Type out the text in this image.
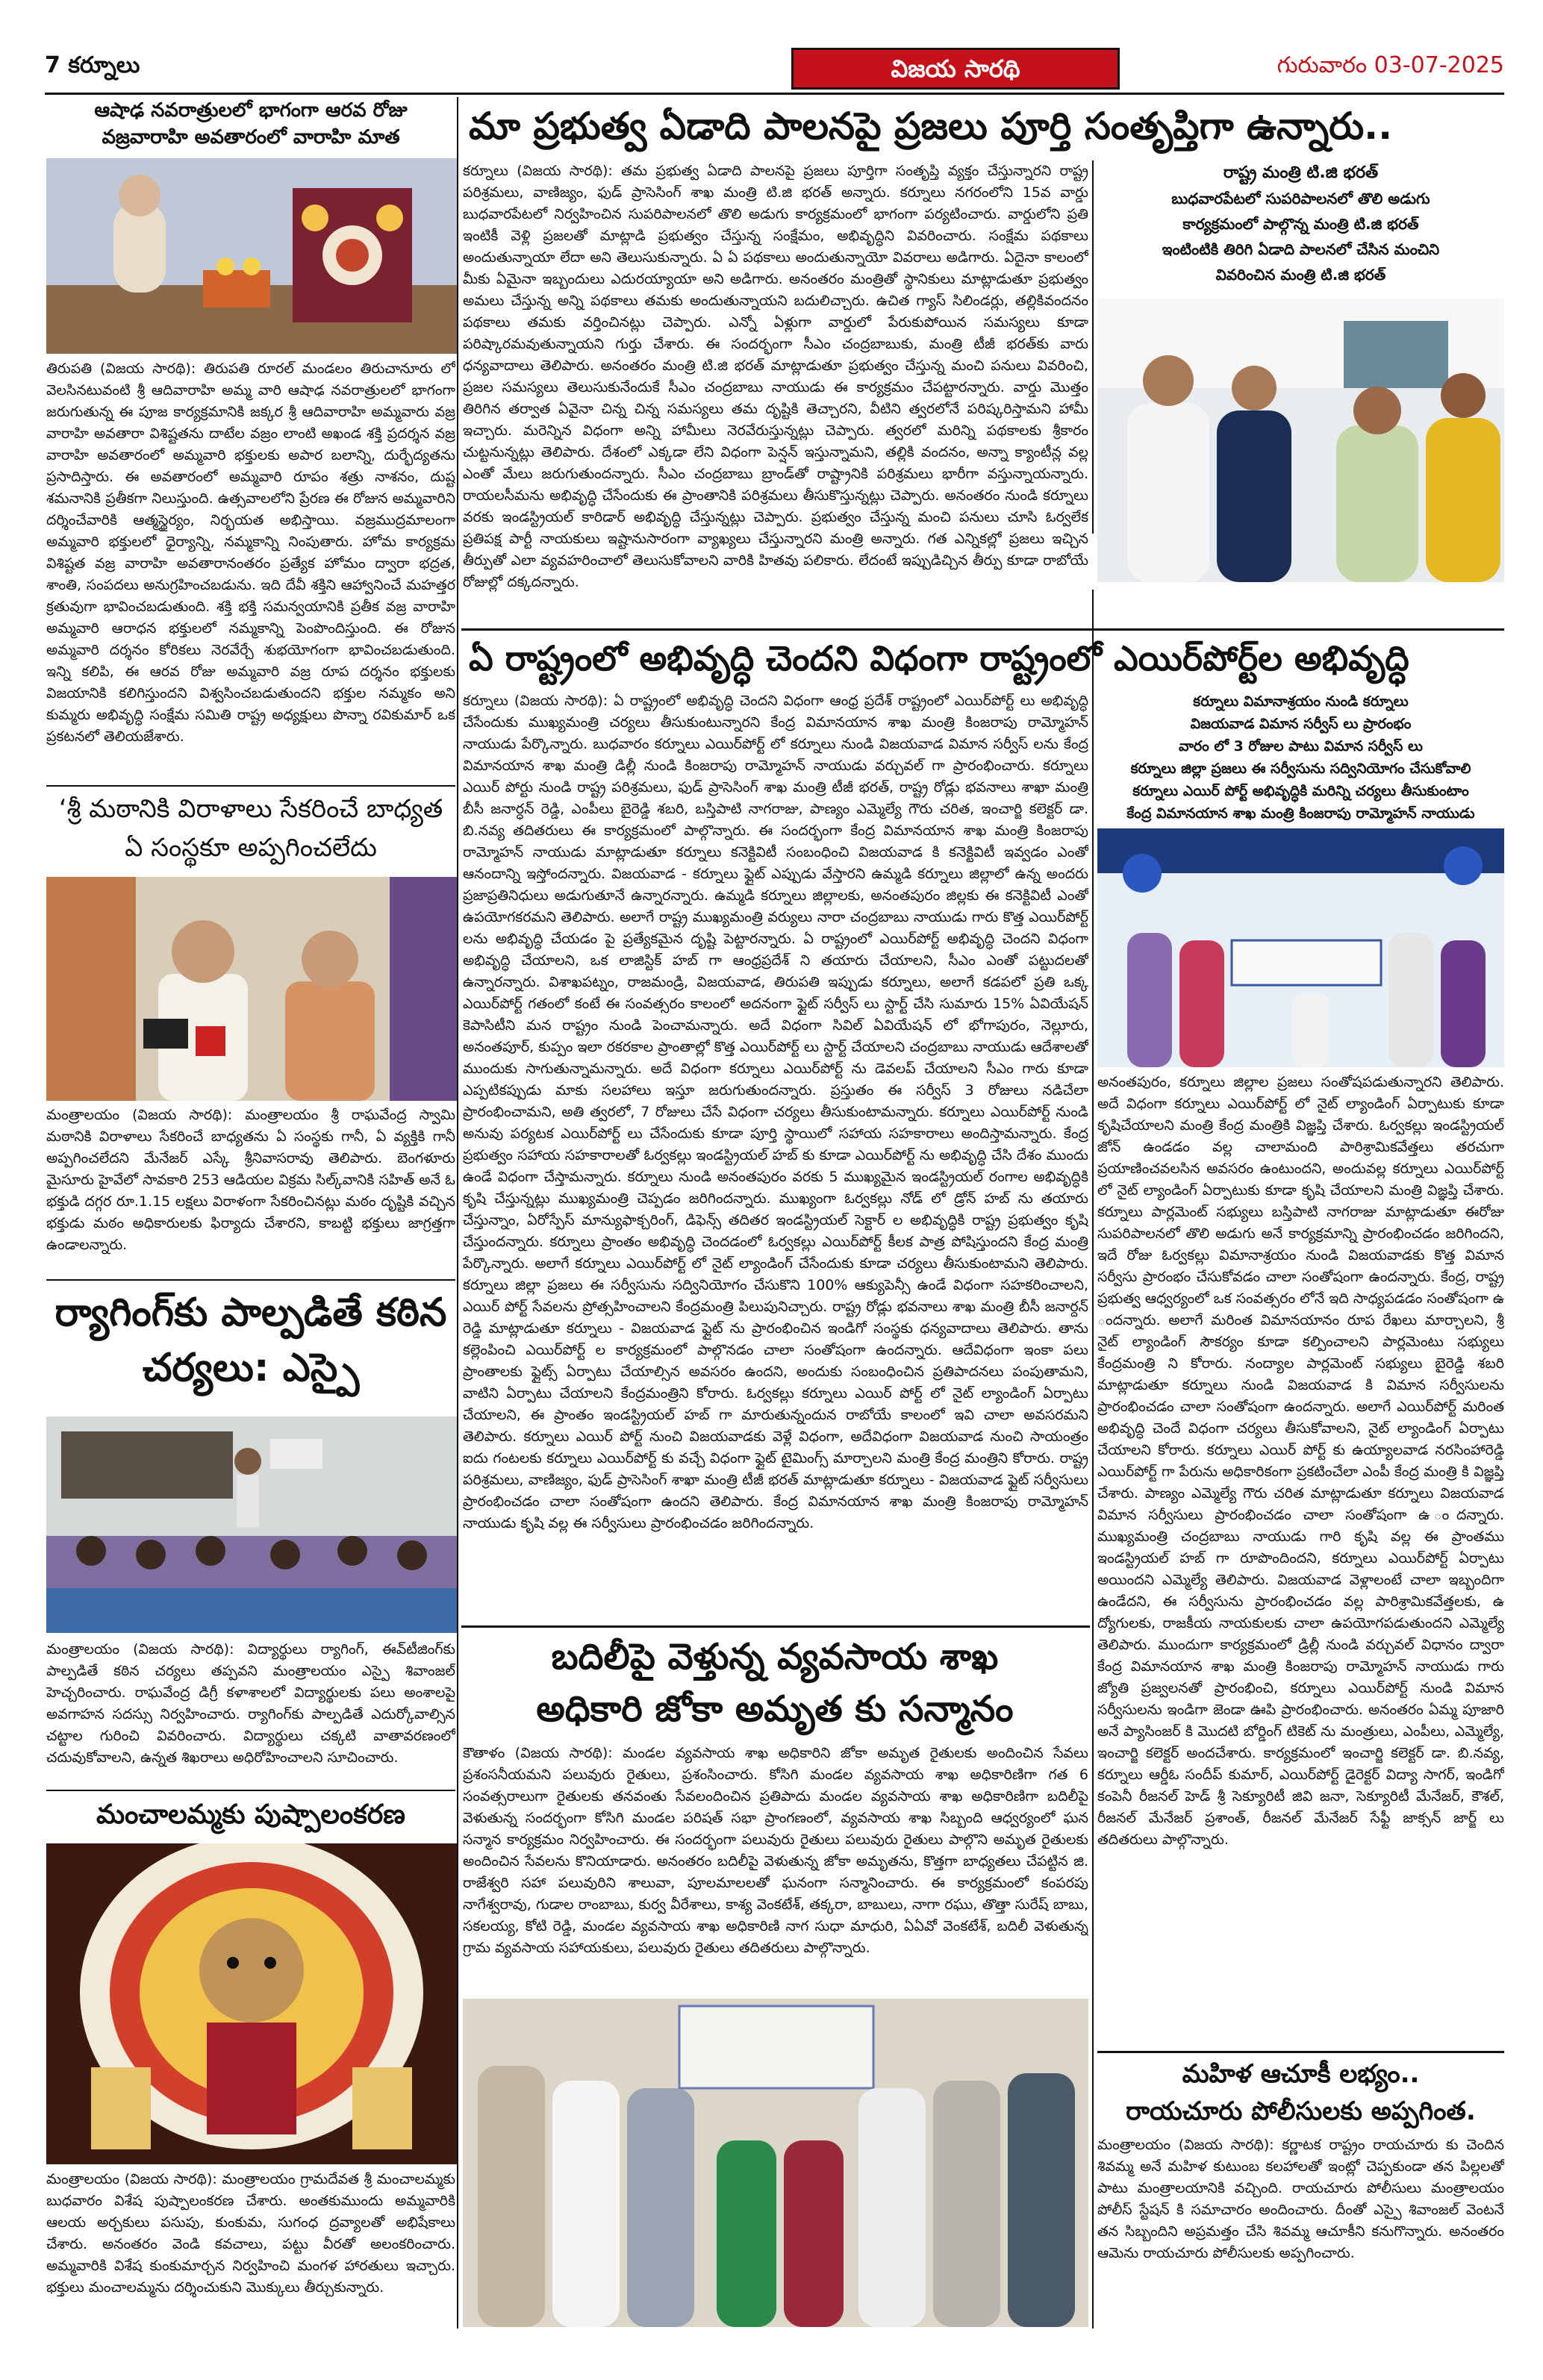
7 కర్నూలు	విజయ సారథి	గురువారం 03-07-2025
ఆషాఢ నవరాత్రులలో భాగంగా ఆరవ రోజు
వజ్రవారాహి అవతారంలో వారాహి మాత
తిరుపతి (విజయ సారథి): తిరుపతి రూరల్ మండలం తిరుచానూరు లో వెలసినటువంటి శ్రీ ఆదివారాహి అమ్మ వారి ఆషాఢ నవరాత్రులలో భాగంగా జరుగుతున్న ఈ పూజ కార్యక్రమానికి జక్కర శ్రీ ఆదివారాహి అమ్మవారు వజ్ర వారాహి అవతారా విశిష్టతను దాటేల వజ్రం లాంటి అఖండ శక్తి ప్రదర్శన వజ్ర వారాహి అవతారంలో అమ్మవారి భక్తులకు అపార బలాన్ని, దుర్భేద్యతను ప్రసాదిస్తారు. ఈ అవతారంలో అమ్మవారి రూపం శత్రు నాశనం, దుష్ట శమనానికి ప్రతీకగా నిలుస్తుంది. ఉత్సవాలలోని ప్రేరణ ఈ రోజున అమ్మవారిని దర్శించేవారికి ఆత్మస్థైర్యం, నిర్భయత అభిస్తాయి. వజ్రముద్రమాలంగా అమ్మవారి భక్తులలో ధైర్యాన్ని, నమ్మకాన్ని నింపుతారు. హోమ కార్యక్రమ విశిష్టత వజ్ర వారాహి అవతారానంతరం ప్రత్యేక హోమం ద్వారా భద్రత, శాంతి, సంపదలు అనుగ్రహించబడును. ఇది దేవీ శక్తిని ఆహ్వానించే మహత్తర క్రతువుగా భావించబడుతుంది. శక్తి భక్తి సమన్వయానికి ప్రతీక వజ్ర వారాహి అమ్మవారి ఆరాధన భక్తులలో నమ్మకాన్ని పెంపొందిస్తుంది. ఈ రోజున అమ్మవారి దర్శనం కోరికలు నెరవేర్చే శుభయోగంగా భావించబడుతుంది. ఇన్ని కలిపి, ఈ ఆరవ రోజు అమ్మవారి వజ్ర రూప దర్శనం భక్తులకు విజయానికి కలిగిస్తుందని విశ్వసించబడుతుందని భక్తుల నమ్మకం అని కుమ్మరు అభివృద్ధి సంక్షేమ సమితి రాష్ట్ర అధ్యక్షులు పొన్నా రవికుమార్ ఒక ప్రకటనలో తెలియజేశారు.
‘శ్రీ మఠానికి విరాళాలు సేకరించే బాధ్యత ఏ సంస్థకూ అప్పగించలేదు
మంత్రాలయం (విజయ సారథి): మంత్రాలయం శ్రీ రాఘవేంద్ర స్వామి మఠానికి విరాళాలు సేకరించే బాధ్యతను ఏ సంస్థకు గానీ, ఏ వ్యక్తికి గానీ అప్పగించలేదని మేనేజర్ ఎస్కే శ్రీనివాసరావు తెలిపారు. బెంగళూరు మైసూరు హైవేలో సావకారి 253 ఆడియల విక్రమ సిల్క్‌వానికి సహిత్ అనే ఓ భక్తుడి దగ్గర రూ.1.15 లక్షలు విరాళంగా సేకరించినట్లు మఠం దృష్టికి వచ్చిన భక్తుడు మఠం అధికారులకు ఫిర్యాదు చేశారని, కాబట్టి భక్తులు జాగ్రత్తగా ఉండాలన్నారు.
ర్యాగింగ్‌కు పాల్పడితే కఠిన చర్యలు: ఎస్పై
మంత్రాలయం (విజయ సారథి): విద్యార్థులు ర్యాగింగ్, ఈవ్‌టీజింగ్‌కు పాల్పడితే కఠిన చర్యలు తప్పవని మంత్రాలయం ఎస్పై శివాంజల్ హెచ్చరించారు. రాఘవేంద్ర డిగ్రీ కళాశాలలో విద్యార్థులకు పలు అంశాలపై అవగాహన సదస్సు నిర్వహించారు. ర్యాగింగ్‌కు పాల్పడితే ఎదుర్కోవాల్సిన చట్టాల గురించి వివరించారు. విద్యార్థులు చక్కటి వాతావరణంలో చదువుకోవాలని, ఉన్నత శిఖరాలు అధిరోహించాలని సూచించారు.
మంచాలమ్మకు పుష్పాలంకరణ
మంత్రాలయం (విజయ సారథి): మంత్రాలయం గ్రామదేవత శ్రీ మంచాలమ్మకు బుధవారం విశేష పుష్పాలంకరణ చేశారు. అంతకుముందు అమ్మవారికి ఆలయ అర్చకులు పసుపు, కుంకుమ, సుగంధ ద్రవ్యాలతో అభిషేకాలు చేశారు. అనంతరం వెండి కవచాలు, పట్టు వీరతో అలంకరించారు. అమ్మవారికి విశేష కుంకుమార్చన నిర్వహించి మంగళ హారతులు ఇచ్చారు. భక్తులు మంచాలమ్మను దర్శించుకుని మొక్కులు తీర్చుకున్నారు.
మా ప్రభుత్వ ఏడాది పాలనపై ప్రజలు పూర్తి సంతృప్తిగా ఉన్నారు..
కర్నూలు (విజయ సారథి): తమ ప్రభుత్వ ఏడాది పాలనపై ప్రజలు పూర్తిగా సంతృప్తి వ్యక్తం చేస్తున్నారని రాష్ట్ర పరిశ్రమలు, వాణిజ్యం, ఫుడ్ ప్రాసెసింగ్ శాఖ మంత్రి టి.జి భరత్ అన్నారు. కర్నూలు నగరంలోని 15వ వార్డు బుధవారపేటలో నిర్వహించిన సుపరిపాలనలో తొలి అడుగు కార్యక్రమంలో భాగంగా పర్యటించారు. వార్డులోని ప్రతి ఇంటికీ వెళ్లి ప్రజలతో మాట్లాడి ప్రభుత్వం చేస్తున్న సంక్షేమం, అభివృద్ధిని వివరించారు. సంక్షేమ పథకాలు అందుతున్నాయా లేదా అని తెలుసుకున్నారు. ఏ ఏ పథకాలు అందుతున్నాయో వివరాలు అడిగారు. ఏదైనా కాలంలో మీకు ఏమైనా ఇబ్బందులు ఎదురయ్యాయా అని అడిగారు. అనంతరం మంత్రితో స్థానికులు మాట్లాడుతూ ప్రభుత్వం అమలు చేస్తున్న అన్ని పథకాలు తమకు అందుతున్నాయని బదులిచ్చారు. ఉచిత గ్యాస్ సిలిండర్లు, తల్లికివందనం పథకాలు తమకు వర్తించినట్లు చెప్పారు. ఎన్నో ఏళ్లుగా వార్డులో పేరుకుపోయిన సమస్యలు కూడా పరిష్కారమవుతున్నాయని గుర్తు చేశారు. ఈ సందర్భంగా సీఎం చంద్రబాబుకు, మంత్రి టీజీ భరత్‌కు వారు ధన్యవాదాలు తెలిపారు. అనంతరం మంత్రి టి.జి భరత్ మాట్లాడుతూ ప్రభుత్వం చేస్తున్న మంచి పనులు వివరించి, ప్రజల సమస్యలు తెలుసుకునేందుకే సీఎం చంద్రబాబు నాయుడు ఈ కార్యక్రమం చేపట్టారన్నారు. వార్డు మొత్తం తిరిగిన తర్వాత ఏవైనా చిన్న చిన్న సమస్యలు తమ దృష్టికి తెచ్చారని, వీటిని త్వరలోనే పరిష్కరిస్తామని హామీ ఇచ్చారు. మరెన్నిన విధంగా అన్ని హామీలు నెరవేరుస్తున్నట్లు చెప్పారు. త్వరలో మరిన్ని పథకాలకు శ్రీకారం చుట్టనున్నట్లు తెలిపారు. దేశంలో ఎక్కడా లేని విధంగా పెన్షన్ ఇస్తున్నామని, తల్లికి వందనం, అన్నా క్యాంటీన్ల వల్ల ఎంతో మేలు జరుగుతుందన్నారు. సీఎం చంద్రబాబు బ్రాండ్‌తో రాష్ట్రానికి పరిశ్రమలు భారీగా వస్తున్నాయన్నారు. రాయలసీమను అభివృద్ధి చేసేందుకు ఈ ప్రాంతానికి పరిశ్రమలు తీసుకొస్తున్నట్లు చెప్పారు. అనంతరం నుండి కర్నూలు వరకు ఇండస్ట్రియల్ కారిడార్ అభివృద్ధి చేస్తున్నట్లు చెప్పారు. ప్రభుత్వం చేస్తున్న మంచి పనులు చూసి ఓర్వలేక ప్రతిపక్ష పార్టీ నాయకులు ఇష్టానుసారంగా వ్యాఖ్యలు చేస్తున్నారని మంత్రి అన్నారు. గత ఎన్నికల్లో ప్రజలు ఇచ్చిన తీర్పుతో ఎలా వ్యవహరించాలో తెలుసుకోవాలని వారికి హితవు పలికారు. లేదంటే ఇప్పుడిచ్చిన తీర్పు కూడా రాబోయే రోజుల్లో దక్కదన్నారు.
రాష్ట్ర మంత్రి టి.జి భరత్
బుధవారపేటలో సుపరిపాలనలో తొలి అడుగు
కార్యక్రమంలో పాల్గొన్న మంత్రి టి.జి భరత్
ఇంటింటికి తిరిగి ఏడాది పాలనలో చేసిన మంచిని
వివరించిన మంత్రి టి.జి భరత్
ఏ రాష్ట్రంలో అభివృద్ధి చెందని విధంగా రాష్ట్రంలో ఎయిర్‌పోర్ట్‌ల అభివృద్ధి
కర్నూలు (విజయ సారథి): ఏ రాష్ట్రంలో అభివృద్ధి చెందని విధంగా ఆంధ్ర ప్రదేశ్ రాష్ట్రంలో ఎయిర్‌పోర్ట్ లు అభివృద్ధి చేసేందుకు ముఖ్యమంత్రి చర్యలు తీసుకుంటున్నారని కేంద్ర విమానయాన శాఖ మంత్రి కింజరాపు రామ్మోహన్ నాయుడు పేర్కొన్నారు. బుధవారం కర్నూలు ఎయిర్‌పోర్ట్ లో కర్నూలు నుండి విజయవాడ విమాన సర్వీస్ లను కేంద్ర విమానయాన శాఖ మంత్రి డిల్లీ నుండి కింజరాపు రామ్మోహన్ నాయుడు వర్చువల్ గా ప్రారంభించారు. కర్నూలు ఎయిర్ పోర్టు నుండి రాష్ట్ర పరిశ్రమలు, ఫుడ్ ప్రాసెసింగ్ శాఖ మంత్రి టీజీ భరత్, రాష్ట్ర రోడ్లు భవనాలు శాఖా మంత్రి బీసీ జనార్ధన్ రెడ్డి, ఎంపీలు బైరెడ్డి శబరి, బస్తిపాటి నాగరాజు, పాణ్యం ఎమ్మెల్యే గౌరు చరిత, ఇంచార్జి కలెక్టర్ డా. బి.నవ్య తదితరులు ఈ కార్యక్రమంలో పాల్గొన్నారు. ఈ సందర్భంగా కేంద్ర విమానయాన శాఖ మంత్రి కింజరాపు రామ్మోహన్ నాయుడు మాట్లాడుతూ కర్నూలు కనెక్టివిటీ సంబంధించి విజయవాడ కి కనెక్టివిటీ ఇవ్వడం ఎంతో ఆనందాన్ని ఇస్తోందన్నారు. విజయవాడ - కర్నూలు ఫ్లైట్ ఎప్పుడు వేస్తారని ఉమ్మడి కర్నూలు జిల్లాలో ఉన్న అందరు ప్రజాప్రతినిధులు అడుగుతూనే ఉన్నారన్నారు. ఉమ్మడి కర్నూలు జిల్లాలకు, అనంతపురం జిల్లకు ఈ కనెక్టివిటీ ఎంతో ఉపయోగకరమని తెలిపారు. అలాగే రాష్ట్ర ముఖ్యమంత్రి వర్యులు నారా చంద్రబాబు నాయుడు గారు కొత్త ఎయిర్‌పోర్ట్ లను అభివృద్ధి చేయడం పై ప్రత్యేకమైన దృష్టి పెట్టారన్నారు. ఏ రాష్ట్రంలో ఎయిర్‌పోర్ట్ అభివృద్ధి చెందని విధంగా అభివృద్ధి చేయాలని, ఒక లాజిస్టిక్ హబ్ గా ఆంధ్రప్రదేశ్ ని తయారు చేయాలని, సీఎం ఎంతో పట్టుదలతో ఉన్నారన్నారు. విశాఖపట్నం, రాజమండ్రి, విజయవాడ, తిరుపతి ఇప్పుడు కర్నూలు, అలాగే కడపలో ప్రతి ఒక్క ఎయిర్‌పోర్ట్ గతంలో కంటే ఈ సంవత్సరం కాలంలో అదనంగా ఫ్లైట్ సర్వీస్ లు స్టార్ట్ చేసి సుమారు 15% ఏవియేషన్ కెపాసిటీని మన రాష్ట్రం నుండి పెంచామన్నారు. అదే విధంగా సివిల్ ఏవియేషన్ లో భోగాపురం, నెల్లూరు, అనంతపూర్, కుప్పం ఇలా రకరకాల ప్రాంతాల్లో కొత్త ఎయిర్‌పోర్ట్ లు స్టార్ట్ చేయాలని చంద్రబాబు నాయుడు ఆదేశాలతో ముందుకు సాగుతున్నామన్నారు. అదే విధంగా కర్నూలు ఎయిర్‌పోర్ట్ ను డెవలప్ చేయాలని సీఎం గారు కూడా ఎప్పటికప్పుడు మాకు సలహాలు ఇస్తూ జరుగుతుందన్నారు. ప్రస్తుతం ఈ సర్వీస్ 3 రోజులు నడిచేలా ప్రారంభించామని, అతి త్వరలో, 7 రోజులు చేసే విధంగా చర్యలు తీసుకుంటామన్నారు. కర్నూలు ఎయిర్‌పోర్ట్ నుండి అనువు పర్యటక ఎయిర్‌పోర్ట్ లు చేసేందుకు కూడా పూర్తి స్థాయిలో సహాయ సహకారాలు అందిస్తామన్నారు. కేంద్ర ప్రభుత్వం సహాయ సహకారాలతో ఓర్వకల్లు ఇండస్ట్రియల్ హబ్ కు కూడా ఎయిర్‌పోర్ట్ ను అభివృద్ధి చేసి దేశం ముందు ఉండే విధంగా చేస్తామన్నారు. కర్నూలు నుండి అనంతపురం వరకు 5 ముఖ్యమైన ఇండస్ట్రియల్ రంగాల అభివృద్ధికి కృషి చేస్తున్నట్లు ముఖ్యమంత్రి చెప్పడం జరిగిందన్నారు. ముఖ్యంగా ఓర్వకల్లు నోడ్ లో డ్రోన్ హబ్ ను తయారు చేస్తున్నాం, ఏరోస్పేస్ మాన్యుఫాక్చరింగ్, డిఫెన్స్ తదితర ఇండస్ట్రియల్ సెక్టార్ ల అభివృద్ధికి రాష్ట్ర ప్రభుత్వం కృషి చేస్తుందన్నారు. కర్నూలు ప్రాంతం అభివృద్ధి చెందడంలో ఓర్వకల్లు ఎయిర్‌పోర్ట్ కీలక పాత్ర పోషిస్తుందని కేంద్ర మంత్రి పేర్కొన్నారు. అలాగే కర్నూలు ఎయిర్‌పోర్ట్ లో నైట్ ల్యాండింగ్ చేసేందుకు కూడా చర్యలు తీసుకుంటామని తెలిపారు. కర్నూలు జిల్లా ప్రజలు ఈ సర్వీసును సద్వినియోగం చేసుకొని 100% ఆక్యుపెన్సీ ఉండే విధంగా సహకరించాలని, ఎయిర్ పోర్ట్ సేవలను ప్రోత్సహించాలని కేంద్రమంత్రి పిలుపునిచ్చారు. రాష్ట్ర రోడ్లు భవనాలు శాఖ మంత్రి బీసీ జనార్దన్ రెడ్డి మాట్లాడుతూ కర్నూలు - విజయవాడ ఫ్లైట్ ను ప్రారంభించిన ఇండిగో సంస్థకు ధన్యవాదాలు తెలిపారు. తాను కల్లెంపించి ఎయిర్‌పోర్ట్ ల కార్యక్రమంలో పాల్గొనడం చాలా సంతోషంగా ఉందన్నారు. ఆదేవిధంగా ఇంకా పలు ప్రాంతాలకు ఫ్లైట్స్ ఏర్పాటు చేయాల్సిన అవసరం ఉందని, అందుకు సంబంధించిన ప్రతిపాదనలు పంపుతామని, వాటిని ఏర్పాటు చేయాలని కేంద్రమంత్రిని కోరారు. ఓర్వకల్లు కర్నూలు ఎయిర్ పోర్ట్ లో నైట్ ల్యాండింగ్ ఏర్పాటు చేయాలని, ఈ ప్రాంతం ఇండస్ట్రియల్ హబ్ గా మారుతున్నందున రాబోయే కాలంలో ఇవి చాలా అవసరమని తెలిపారు. కర్నూలు ఎయిర్ పోర్ట్ నుంచి విజయవాడకు వెళ్లే విధంగా, అదేవిధంగా విజయవాడ నుంచి సాయంత్రం ఐదు గంటలకు కర్నూలు ఎయిర్‌పోర్ట్ కు వచ్చే విధంగా ఫ్లైట్ టైమింగ్స్ మార్చాలని మంత్రి కేంద్ర మంత్రిని కోరారు. రాష్ట్ర పరిశ్రమలు, వాణిజ్యం, ఫుడ్ ప్రాసెసింగ్ శాఖా మంత్రి టీజీ భరత్ మాట్లాడుతూ కర్నూలు - విజయవాడ ఫ్లైట్ సర్వీసులు ప్రారంభించడం చాలా సంతోషంగా ఉందని తెలిపారు. కేంద్ర విమానయాన శాఖ మంత్రి కింజరాపు రామ్మోహన్ నాయుడు కృషి వల్ల ఈ సర్వీసులు ప్రారంభించడం జరిగిందన్నారు.
కర్నూలు విమానాశ్రయం నుండి కర్నూలు
విజయవాడ విమాన సర్వీస్ లు ప్రారంభం
వారం లో 3 రోజుల పాటు విమాన సర్వీస్ లు
కర్నూలు జిల్లా ప్రజలు ఈ సర్వీసును సద్వినియోగం చేసుకోవాలి
కర్నూలు ఎయిర్ పోర్ట్ అభివృద్ధికి మరిన్ని చర్యలు తీసుకుంటాం
కేంద్ర విమానయాన శాఖ మంత్రి కింజరాపు రామ్మోహన్ నాయుడు
అనంతపురం, కర్నూలు జిల్లాల ప్రజలు సంతోషపడుతున్నారని తెలిపారు. అదే విధంగా కర్నూలు ఎయిర్‌పోర్ట్ లో నైట్ ల్యాండింగ్ ఏర్పాటుకు కూడా కృషిచేయాలని మంత్రి కేంద్ర మంత్రికి విజ్ఞప్తి చేశారు. ఓర్వకల్లు ఇండస్ట్రియల్ జోన్ ఉండడం వల్ల చాలామంది పారిశ్రామికవేత్తలు తరచుగా ప్రయాణించవలసిన అవసరం ఉంటుందని, అందువల్ల కర్నూలు ఎయిర్‌పోర్ట్ లో నైట్ ల్యాండింగ్ ఏర్పాటుకు కూడా కృషి చేయాలని మంత్రి విజ్ఞప్తి చేశారు. కర్నూలు పార్లమెంట్ సభ్యులు బస్తిపాటి నాగరాజు మాట్లాడుతూ ఈరోజు సుపరిపాలనలో తొలి అడుగు అనే కార్యక్రమాన్ని ప్రారంభించడం జరిగిందని, ఇదే రోజు ఓర్వకల్లు విమానాశ్రయం నుండి విజయవాడకు కొత్త విమాన సర్వీసు ప్రారంభం చేసుకోవడం చాలా సంతోషంగా ఉందన్నారు. కేంద్ర, రాష్ట్ర ప్రభుత్వ ఆధ్వర్యంలో ఒక సంవత్సరం లోనే ఇది సాధ్యపడడం సంతోషంగా ఉ ందన్నారు. అలాగే మరింత విమానయానం రూప రేఖలు మార్చాలని, శ్రీ నైట్ ల్యాండింగ్ సౌకర్యం కూడా కల్పించాలని పార్లమెంటు సభ్యులు కేంద్రమంత్రి ని కోరారు. నంద్యాల పార్లమెంట్ సభ్యులు బైరెడ్డి శబరి మాట్లాడుతూ కర్నూలు నుండి విజయవాడ కి విమాన సర్వీసులను ప్రారంభించడం చాలా సంతోషంగా ఉందన్నారు. అలాగే ఎయిర్‌పోర్ట్ మరింత అభివృద్ధి చెందే విధంగా చర్యలు తీసుకోవాలని, నైట్ ల్యాండింగ్ ఏర్పాటు చేయాలని కోరారు. కర్నూలు ఎయిర్ పోర్ట్ కు ఉయ్యాలవాడ నరసింహారెడ్డి ఎయిర్‌పోర్ట్ గా పేరును అధికారికంగా ప్రకటించేలా ఎంపీ కేంద్ర మంత్రి కి విజ్ఞప్తి చేశారు. పాణ్యం ఎమ్మెల్యే గౌరు చరిత మాట్లాడుతూ కర్నూలు విజయవాడ విమాన సర్వీసులు ప్రారంభించడం చాలా సంతోషంగా ఉ ందన్నారు. ముఖ్యమంత్రి చంద్రబాబు నాయుడు గారి కృషి వల్ల ఈ ప్రాంతము ఇండస్ట్రియల్ హబ్ గా రూపొందిందని, కర్నూలు ఎయిర్‌పోర్ట్ ఏర్పాటు అయిందని ఎమ్మెల్యే తెలిపారు. విజయవాడ వెళ్లాలంటే చాలా ఇబ్బందిగా ఉండేదని, ఈ సర్వీసును ప్రారంభించడం వల్ల పారిశ్రామికవేత్తలకు, ఉ ద్యోగులకు, రాజకీయ నాయకులకు చాలా ఉపయోగపడుతుందని ఎమ్మెల్యే తెలిపారు. ముందుగా కార్యక్రమంలో డ్రిల్లీ నుండి వర్చువల్ విధానం ద్వారా కేంద్ర విమానయాన శాఖ మంత్రి కింజరాపు రామ్మోహన్ నాయుడు గారు జ్యోతి ప్రజ్వలనతో ప్రారంభించి, కర్నూలు ఎయిర్‌పోర్ట్ నుండి విమాన సర్వీసులను ఇండిగా జెండా ఊపి ప్రారంభించారు. అనంతరం ఏమ్మ పూజారి అనే ప్యాసింజర్ కి మొదటి బోర్డింగ్ టికెట్ ను మంత్రులు, ఎంపీలు, ఎమ్మెల్యే, ఇంచార్జి కలెక్టర్ అందచేశారు. కార్యక్రమంలో ఇంచార్జి కలెక్టర్ డా. బి.నవ్య, కర్నూలు ఆర్డీఓ సందీప్ కుమార్, ఎయిర్‌పోర్ట్ డైరెక్టర్ విద్యా సాగర్, ఇండిగో కంపెనీ రీజనల్ హెడ్ శ్రీ సెక్యూరిటీ జివి జనా, సెక్యూరిటీ మేనేజర్, కౌశల్, రీజనల్ మేనేజర్ ప్రశాంత్, రీజనల్ మేనేజర్ సేఫ్టీ జాక్సన్ జార్జ్ లు తదితరులు పాల్గొన్నారు.
బదిలీపై వెళ్తున్న వ్యవసాయ శాఖ
అధికారి జోకా అమృత కు సన్మానం
కౌతాళం (విజయ సారథి): మండల వ్యవసాయ శాఖ అధికారిని జోకా అమృత రైతులకు అందించిన సేవలు ప్రశంసనీయమని పలువురు రైతులు, ప్రశంసించారు. కోసిగి మండల వ్యవసాయ శాఖ అధికారిణిగా గత 6 సంవత్సరాలుగా రైతులకు తనవంతు సేవలందించిన ప్రతిపాదు మండల వ్యవసాయ శాఖ అధికారిణిగా బదిలీపై వెళుతున్న సందర్భంగా కోసిగి మండల పరిషత్ సభా ప్రాంగణంలో, వ్యవసాయ శాఖ సిబ్బంది ఆధ్వర్యంలో ఘన సన్మాన కార్యక్రమం నిర్వహించారు. ఈ సందర్భంగా పలువురు రైతులు పలువురు రైతులు పాల్గొని అమృత రైతులకు అందించిన సేవలను కొనియాడారు. అనంతరం బదిలీపై వెళుతున్న జోకా అమృతను, కొత్తగా బాధ్యతలు చేపట్టిన జి. రాజేశ్వరి సహా పలువురిని శాలువా, పూలమాలలతో ఘనంగా సన్మానించారు. ఈ కార్యక్రమంలో కంపరపు నాగేశ్వరావు, గుడాల రాంబాబు, కుర్వ వీరేశాలు, కాశ్య వెంకటేశ్, తక్కరా, బాబులు, నాగా రఘు, తొత్తా సురేష్ బాబు, సకలయ్య, కోటి రెడ్డి, మండల వ్యవసాయ శాఖ అధికారిణి నాగ సుధా మాధురి, ఏఏవో వెంకటేశ్, బదిలీ వెళుతున్న గ్రామ వ్యవసాయ సహాయకులు, పలువురు రైతులు తదితరులు పాల్గొన్నారు.
మహిళ ఆచూకీ లభ్యం..
రాయచూరు పోలీసులకు అప్పగింత.
మంత్రాలయం (విజయ సారథి): కర్ణాటక రాష్ట్రం రాయచూరు కు చెందిన శివమ్మ అనే మహిళ కుటుంబ కలహాలతో ఇంట్లో చెప్పకుండా తన పిల్లలతో పాటు మంత్రాలయానికి వచ్చింది. రాయచూరు పోలీసులు మంత్రాలయం పోలీస్ స్టేషన్ కి సమాచారం అందించారు. దీంతో ఎస్పై శివాంజల్ వెంటనే తన సిబ్బందిని అప్రమత్తం చేసి శివమ్మ ఆచూకీని కనుగొన్నారు. అనంతరం ఆమెను రాయచూరు పోలీసులకు అప్పగించారు.
